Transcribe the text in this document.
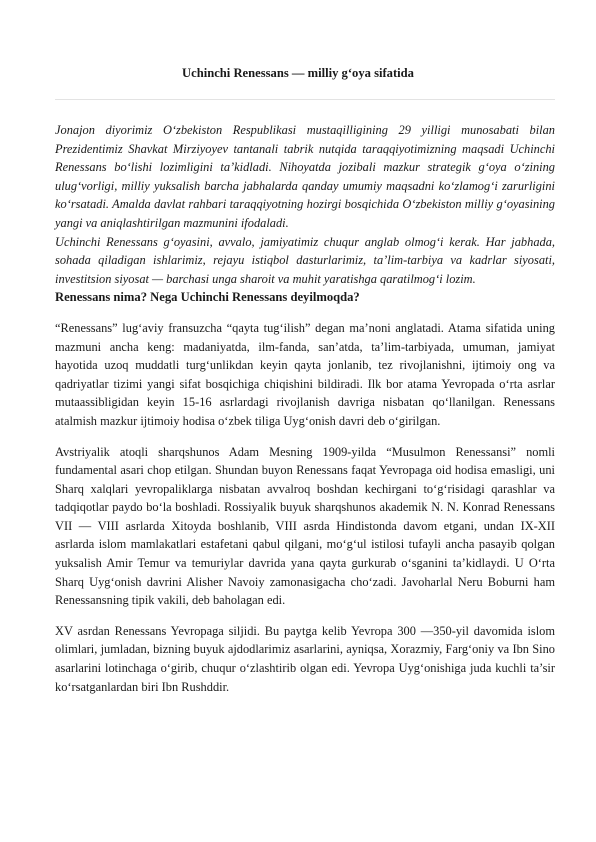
Uchinchi Renessans — milliy g‘oya sifatida

Jonajon diyorimiz O‘zbekiston Respublikasi mustaqilligining 29 yilligi munosabati bilan Prezidentimiz Shavkat Mirziyoyev tantanali tabrik nutqida taraqqiyotimizning maqsadi Uchinchi Renessans bo‘lishi lozimligini ta’kidladi. Nihoyatda jozibali mazkur strategik g‘oya o‘zining ulug‘vorligi, milliy yuksalish barcha jabhalarda qanday umumiy maqsadni ko‘zlamog‘i zarurligini ko‘rsatadi. Amalda davlat rahbari taraqqiyotning hozirgi bosqichida O‘zbekiston milliy g‘oyasining yangi va aniqlashtirilgan mazmunini ifodaladi.

Uchinchi Renessans g‘oyasini, avvalo, jamiyatimiz chuqur anglab olmog‘i kerak. Har jabhada, sohada qiladigan ishlarimiz, rejayu istiqbol dasturlarimiz, ta’lim-tarbiya va kadrlar siyosati, investitsion siyosat — barchasi unga sharoit va muhit yaratishga qaratilmog‘i lozim.

Renessans nima? Nega Uchinchi Renessans deyilmoqda?

“Renessans” lug‘aviy fransuzcha “qayta tug‘ilish” degan ma’noni anglatadi. Atama sifatida uning mazmuni ancha keng: madaniyatda, ilm-fanda, san’atda, ta’lim-tarbiyada, umuman, jamiyat hayotida uzoq muddatli turg‘unlikdan keyin qayta jonlanib, tez rivojlanishni, ijtimoiy ong va qadriyatlar tizimi yangi sifat bosqichiga chiqishini bildiradi. Ilk bor atama Yevropada o‘rta asrlar mutaassibligidan keyin 15-16 asrlardagi rivojlanish davriga nisbatan qo‘llanilgan. Renessans atalmish mazkur ijtimoiy hodisa o‘zbek tiliga Uyg‘onish davri deb o‘girilgan.

Avstriyalik atoqli sharqshunos Adam Mesning 1909-yilda “Musulmon Renessansi” nomli fundamental asari chop etilgan. Shundan buyon Renessans faqat Yevropaga oid hodisa emasligi, uni Sharq xalqlari yevropaliklarga nisbatan avvalroq boshdan kechirgani to‘g‘risidagi qarashlar va tadqiqotlar paydo bo‘la boshladi. Rossiyalik buyuk sharqshunos akademik N. N. Konrad Renessans VII — VIII asrlarda Xitoyda boshlanib, VIII asrda Hindistonda davom etgani, undan IX-XII asrlarda islom mamlakatlari estafetani qabul qilgani, mo‘g‘ul istilosi tufayli ancha pasayib qolgan yuksalish Amir Temur va temuriylar davrida yana qayta gurkurab o‘sganini ta’kidlaydi. U O‘rta Sharq Uyg‘onish davrini Alisher Navoiy zamonasigacha cho‘zadi. Javoharlal Neru Boburni ham Renessansning tipik vakili, deb baholagan edi.

XV asrdan Renessans Yevropaga siljidi. Bu paytga kelib Yevropa 300 —350-yil davomida islom olimlari, jumladan, bizning buyuk ajdodlarimiz asarlarini, ayniqsa, Xorazmiy, Farg‘oniy va Ibn Sino asarlarini lotinchaga o‘girib, chuqur o‘zlashtirib olgan edi. Yevropa Uyg‘onishiga juda kuchli ta’sir ko‘rsatganlardan biri Ibn Rushddir.
